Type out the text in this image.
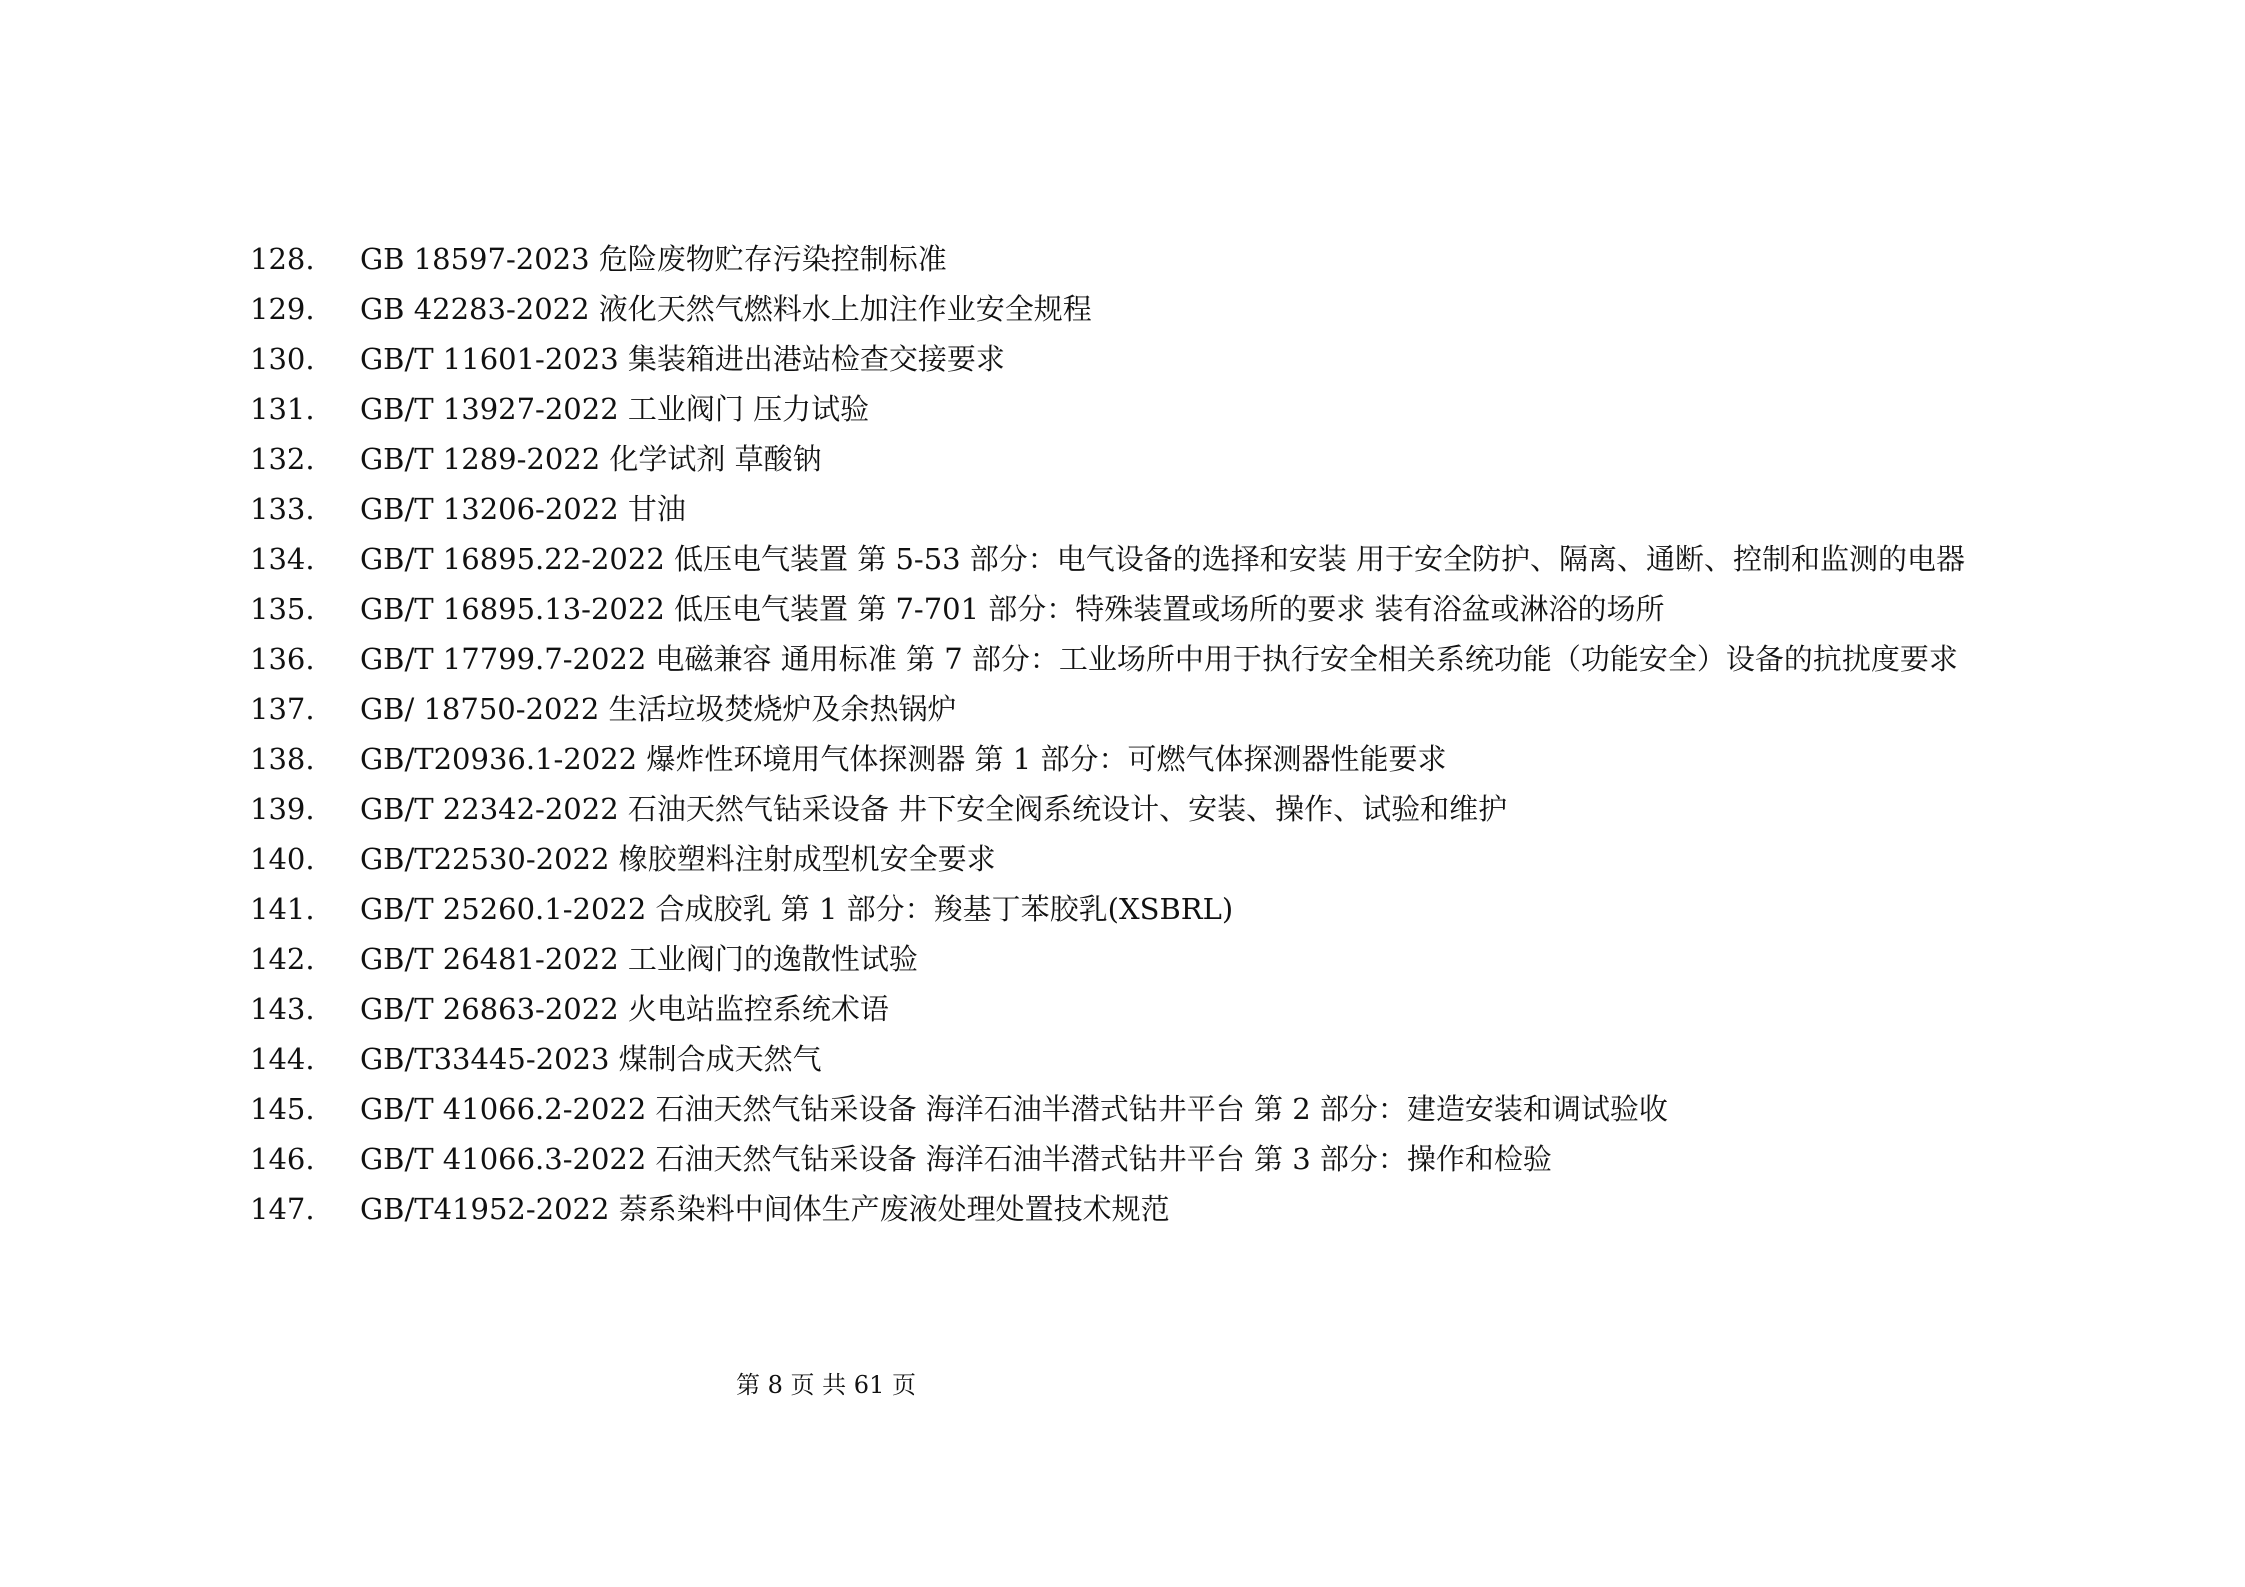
128. GB 18597-2023 危险废物贮存污染控制标准
129. GB 42283-2022 液化天然气燃料水上加注作业安全规程
130. GB/T 11601-2023 集装箱进出港站检查交接要求
131. GB/T 13927-2022 工业阀门 压力试验
132. GB/T 1289-2022 化学试剂 草酸钠
133. GB/T 13206-2022 甘油
134. GB/T 16895.22-2022 低压电气装置 第 5-53 部分：电气设备的选择和安装 用于安全防护、隔离、通断、控制和监测的电器
135. GB/T 16895.13-2022 低压电气装置 第 7-701 部分：特殊装置或场所的要求 装有浴盆或淋浴的场所
136. GB/T 17799.7-2022 电磁兼容 通用标准 第 7 部分：工业场所中用于执行安全相关系统功能（功能安全）设备的抗扰度要求
137. GB/ 18750-2022 生活垃圾焚烧炉及余热锅炉
138. GB/T20936.1-2022 爆炸性环境用气体探测器 第 1 部分：可燃气体探测器性能要求
139. GB/T 22342-2022 石油天然气钻采设备 井下安全阀系统设计、安装、操作、试验和维护
140. GB/T22530-2022 橡胶塑料注射成型机安全要求
141. GB/T 25260.1-2022 合成胶乳 第 1 部分：羧基丁苯胶乳(XSBRL)
142. GB/T 26481-2022 工业阀门的逸散性试验
143. GB/T 26863-2022 火电站监控系统术语
144. GB/T33445-2023 煤制合成天然气
145. GB/T 41066.2-2022 石油天然气钻采设备 海洋石油半潜式钻井平台 第 2 部分：建造安装和调试验收
146. GB/T 41066.3-2022 石油天然气钻采设备 海洋石油半潜式钻井平台 第 3 部分：操作和检验
147. GB/T41952-2022 萘系染料中间体生产废液处理处置技术规范
第 8 页 共 61 页
